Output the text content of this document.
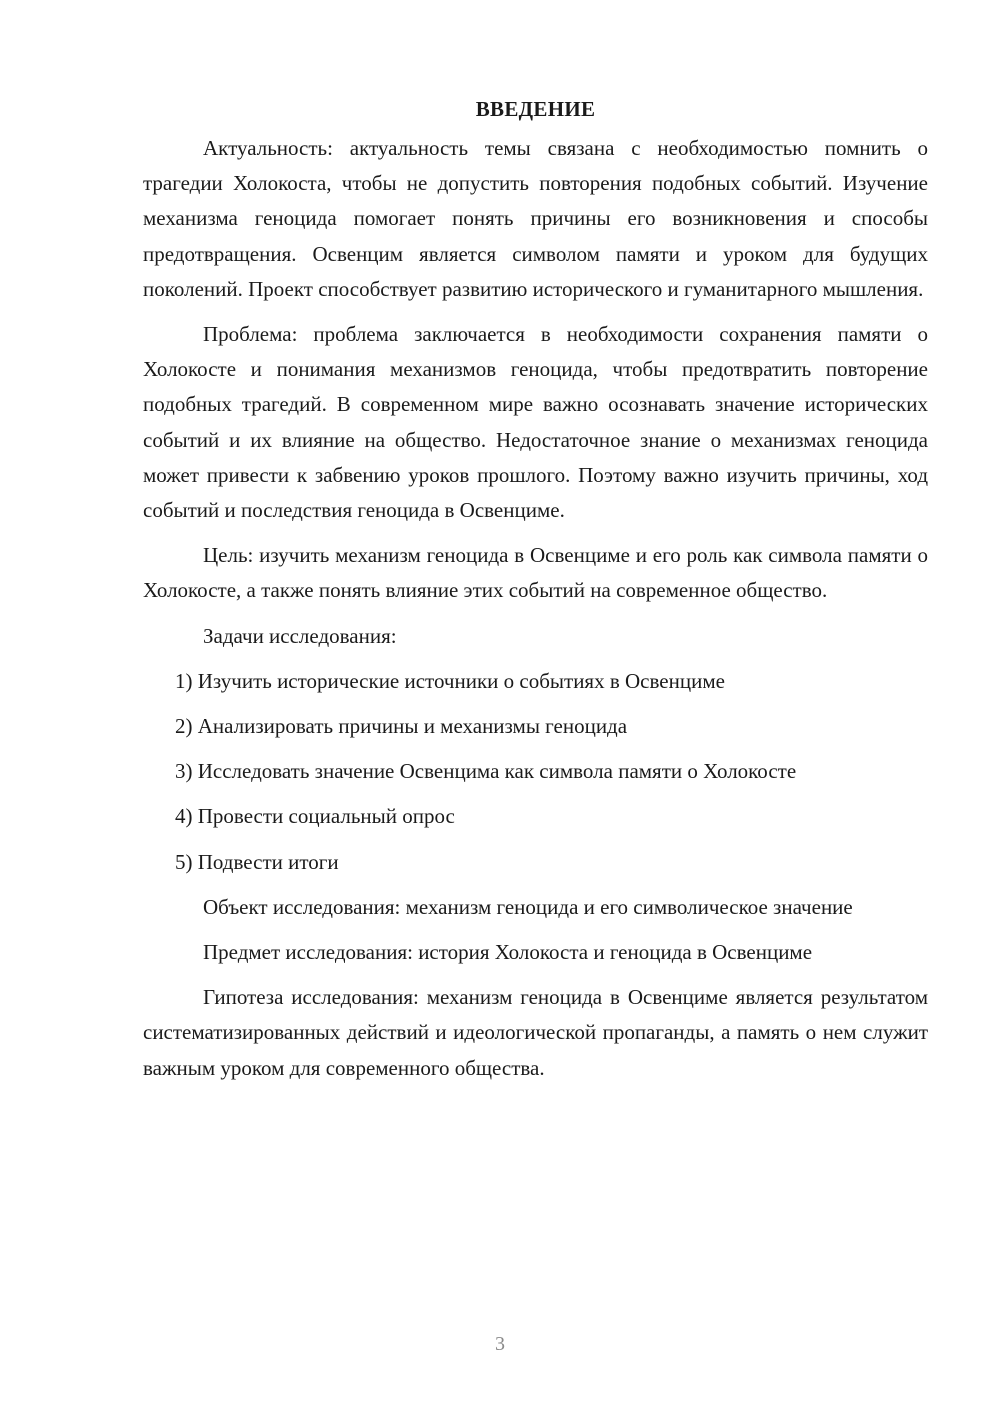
ВВЕДЕНИЕ

Актуальность: актуальность темы связана с необходимостью помнить о трагедии Холокоста, чтобы не допустить повторения подобных событий. Изучение механизма геноцида помогает понять причины его возникновения и способы предотвращения. Освенцим является символом памяти и уроком для будущих поколений. Проект способствует развитию исторического и гуманитарного мышления.

Проблема: проблема заключается в необходимости сохранения памяти о Холокосте и понимания механизмов геноцида, чтобы предотвратить повторение подобных трагедий. В современном мире важно осознавать значение исторических событий и их влияние на общество. Недостаточное знание о механизмах геноцида может привести к забвению уроков прошлого. Поэтому важно изучить причины, ход событий и последствия геноцида в Освенциме.

Цель: изучить механизм геноцида в Освенциме и его роль как символа памяти о Холокосте, а также понять влияние этих событий на современное общество.

Задачи исследования:
1) Изучить исторические источники о событиях в Освенциме
2) Анализировать причины и механизмы геноцида
3) Исследовать значение Освенцима как символа памяти о Холокосте
4) Провести социальный опрос
5) Подвести итоги

Объект исследования: механизм геноцида и его символическое значение

Предмет исследования: история Холокоста и геноцида в Освенциме

Гипотеза исследования: механизм геноцида в Освенциме является результатом систематизированных действий и идеологической пропаганды, а память о нем служит важным уроком для современного общества.

3
